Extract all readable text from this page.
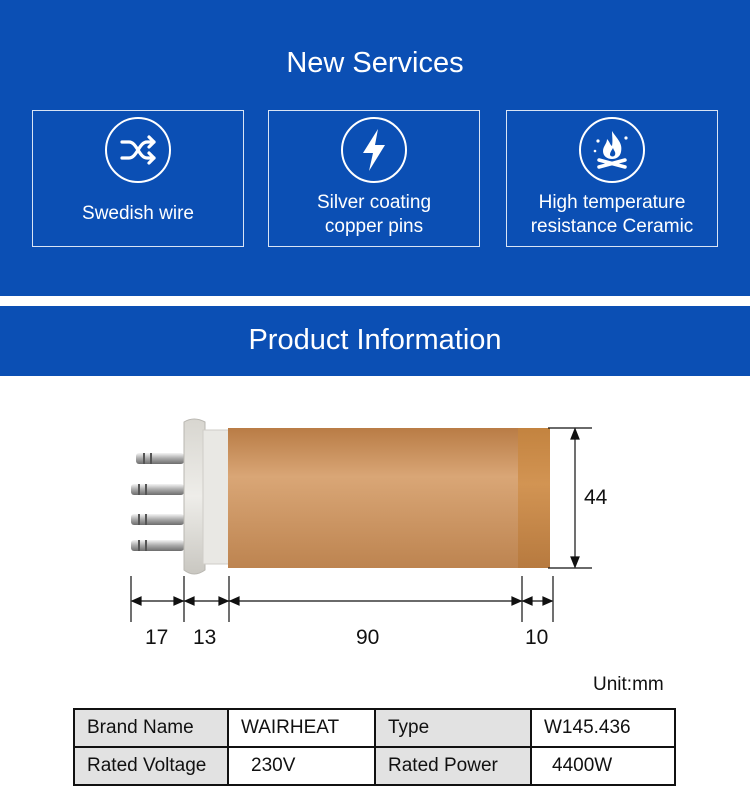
New Services
Swedish wire
Silver coating
copper pins
High temperature
resistance Ceramic
Product Information
17 13	90	10
44
Unit:mm
Brand Name	WAIRHEAT	Type	W145.436
Rated Voltage	230V	Rated Power	4400W
